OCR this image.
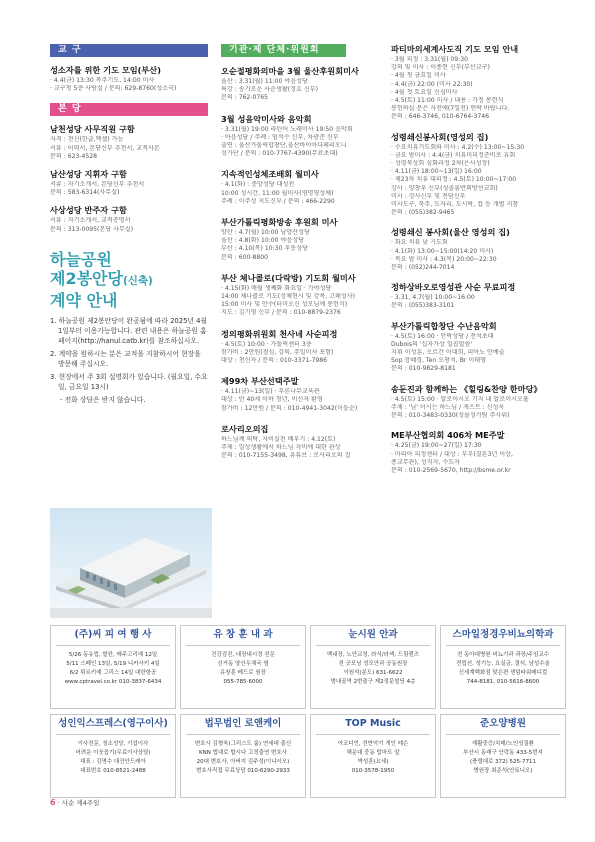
교 구
성소자를 위한 기도 모임(부산)
· 4.4(금) 13:30 목주기도, 14:00 미사
· 교구청 5층 사랑실 / 문의: 629-8760(성소국)
본 당
남천성당 사무직원 구함
자격 : 천신(한글,엑셀) 가능
서류 : 이력서, 본당신부 추천서, 교적사본
문의 : 623-4528
남산성당 지휘자 구함
서류 : 자기소개서, 본당신부 추천서
문의 : 583-6314(사무실)
사상성당 반주자 구함
서류 : 자기소개서, 교적증명서
문의 : 313-0095(본당 사무실)
하늘공원
제2봉안당(신축)
계약 안내
1. 하늘공원 제2봉안당이 완공됨에 따라 2025년 4월 1일부터 이용가능합니다. 관련 내용은 하늘공원 홈페이지(http://hanul.catb.kr)를 참조하십시오.
2. 계약을 원하시는 분은 교적을 지참하시어 현장을 방문해 주십시오.
3. 현장에서 주 3회 설명회가 있습니다. (월요일, 수요일, 금요일 13시)
- 전화 상담은 받지 않습니다.
기관·제 단체·위원회
오순절평화의마을 3월 울산후원회미사
울산 : 3.31(월) 11:00 야음성당
특강 : 송기로운 사순생활(정호 신부)
문의 : 762-0765
3월 성음악미사와 음악회
· 3.31(월) 19:00 라틴어 노래미사 19:50 음악회
· 아음성당 / 주례 : 임석수 신부, 차광준 신부
출연 : 울산가톨릭합창단,울산바이아다페리오니
성가단 / 문의 : 010-7767-4390(무료초대)
지속적인성체조배회 월미사
· 4.1(화) : 중앙성당 대성전
10:00 성시간, 11:00 월미사(영명영성체)
주례 : 이주성 지도신부 / 문의 : 466-2290
부산가톨릭평화방송 후원회 미사
양산 : 4.7(월) 10:00 남양산성당
울산 : 4.8(화) 10:00 야음성당
부산 : 4.10(목) 10:30 우동성당
문의 : 600-8800
부산 체나콜로(다락방) 기도회 월미사
· 4.15(화) 매월 셋째화 화요일 · 가야성당
14:00 체나콜로 기도(성체현시 및 강복, 고해성사)
15:00 미사 및 안수(터미오신 성모님께 봉헌식)
지도 : 김기영 신부 / 문의 : 010-8879-2376
정의평화위원회 천사네 사순피정
· 4.5(토) 10:00 · 가톨릭센터 3층
참가비 : 2만원(점심, 강의, 주일미사 포함)
대상 : 천신자 / 문의 : 010-3371-7986
제99차 부산선택주말
· 4.11(금)~13(일) · 푸른나무교육관
대상 : 만 40세 이하 청년, 비신자 환영
참가비 : 12만원 / 문의 : 010-4941-3042(이둥순)
로사리오의집
하느님께 의탁, 자비실천 배우기 : 4.12(토)
주제 : 일상생활에서 하느님 자비에 대한 관상
문의 : 010-7155-3498, 유튜브 : 로사리오의 집
파티마의세계사도직 기도 모임 안내
· 3월 피정 : 3.31(월) 09:30
강의 및 미사 : 이종헌 신부(부산교구)
· 4월 첫 금요일 미사
· 4.4(금) 22:00 (미사 22:30)
· 4월 첫 토요일 신심미사
· 4.5(토) 11:00 미사 / 내용 : 가정 봉헌식
봉헌하실 분은 사전에(7일전) 연락 바랍니다.
문의 : 646-3746, 010-6764-3746
성령쇄신봉사회(영성의 집)
· 수요치유기도회와 미사 : 4.2(수) 13:00~15:30
· 금요 밤미사 : 4.4(금) 치유미피정준비로 휴회
· 성령묵상회 심화과정 2차(은사성장)
· 4.11(금) 18:00~13(일) 16:00
· 제23차 치유 대피정 : 4.5(토) 10:00~17:00
강사 : 양창우 신부(성골롬반외방선교회)
미사 : 강사신부 및 전담신부
미사도구, 묵주, 도자리, 도시락, 컵 등 개별 지참
문의 : (055)382-9465
성령쇄신 봉사회(울산 영성의 집)
· 화요 치유 낮 기도회
· 4.1(화) 13:00~15:00(14:20 미사)
· 목요 밤 미사 : 4.3(목) 20:00~22:30
문의 : (052)244-7014
정하상바오로영성관 사순 무료피정
· 3.31, 4.7(월) 10:00~16:00
문의 : (055)383-3101
부산가톨릭합창단 수난음악회
· 4.5(토) 16:00 · 안락성당 / 전석초대
Dubois의 '십자가상 일곱말씀'
지휘 이성훈, 오르간 이대희, 피아노 안예슬
Sop 장혜경, Ten 오창석, Br 이태영
문의 : 010-9829-8181
송둔진과 함께하는 《힐링&찬양 한마당》
· 4.5(토) 15:00 · 알로이시오 기지 내 알로이시오홀
주제 : '님' 이시는 하느님 / 게스트 : 신성옥
문의 : 010-3483-0330(성몰성가팀 주사위)
ME부산협의회 406차 ME주말
· 4.25(금) 19:00~27(일) 17:30
· 마리아 피정센터 / 대상 : 부부(결혼3년 이상,
종교무관), 성직자, 수도자
문의 : 010-2569-5670, http://bsme.or.kr
(주)씨 피 여 행 사
5/26 동유럽, 발칸, 메주고리예 12일
5/11 스페인 13일, 5/19 니카사키 4일
6/2 튀르키예 그리스 14일 대한항공
www.cptravel.co.kr 010-3837-6434
유 창 훈 내 과
건강검진, 대장내시경 전문
신거동 양산우체국 옆
유창훈 베드로 원장
055-785-6000
눈시원 안과
백내장, 노안교정, 라식/라섹, 드림렌즈
전 굿모닝 성모안과 공동원장
이원석(분도) 631-6622
범내골역 2번출구 제2정문빌딩 4층
스마일정경우비뇨의학과
전 동아대병원 비뇨기과 과장/주임교수
전립선, 성기능, 요실금, 결석, 남성수술
신세계백화점 맞은편 센텀타워메디컬
744-8181, 010-5616-8600
성인익스프레스(영구이사)
이사전문, 청소성당, 기업이사
어려운 이웃돕기(무료이사상담)
대표 : 김명수 대건안드레아
대표번호 010-8521-2488
법무법인 로앤케이
변호사 김형욱(그리스도 룸) 연세대 출신
KNN 법대로 합시다 고정출연 변호사
20대 변호사, 아버지 김주성(이냐시오)
변호사직접 무료상담 010-6290-2933
TOP Music
아코디언, 전반악기 개인 레슨
해운대 중동 탑마트 앞
박성훈(요세)
010-3578-1950
준오양병원
재활중증/치매/노인성질환
부산시 동래구 안락동 433-5번지
(충렬대로 372) 525-7711
병원장 최준석(안토니오)
6 · 사순 제4주일
